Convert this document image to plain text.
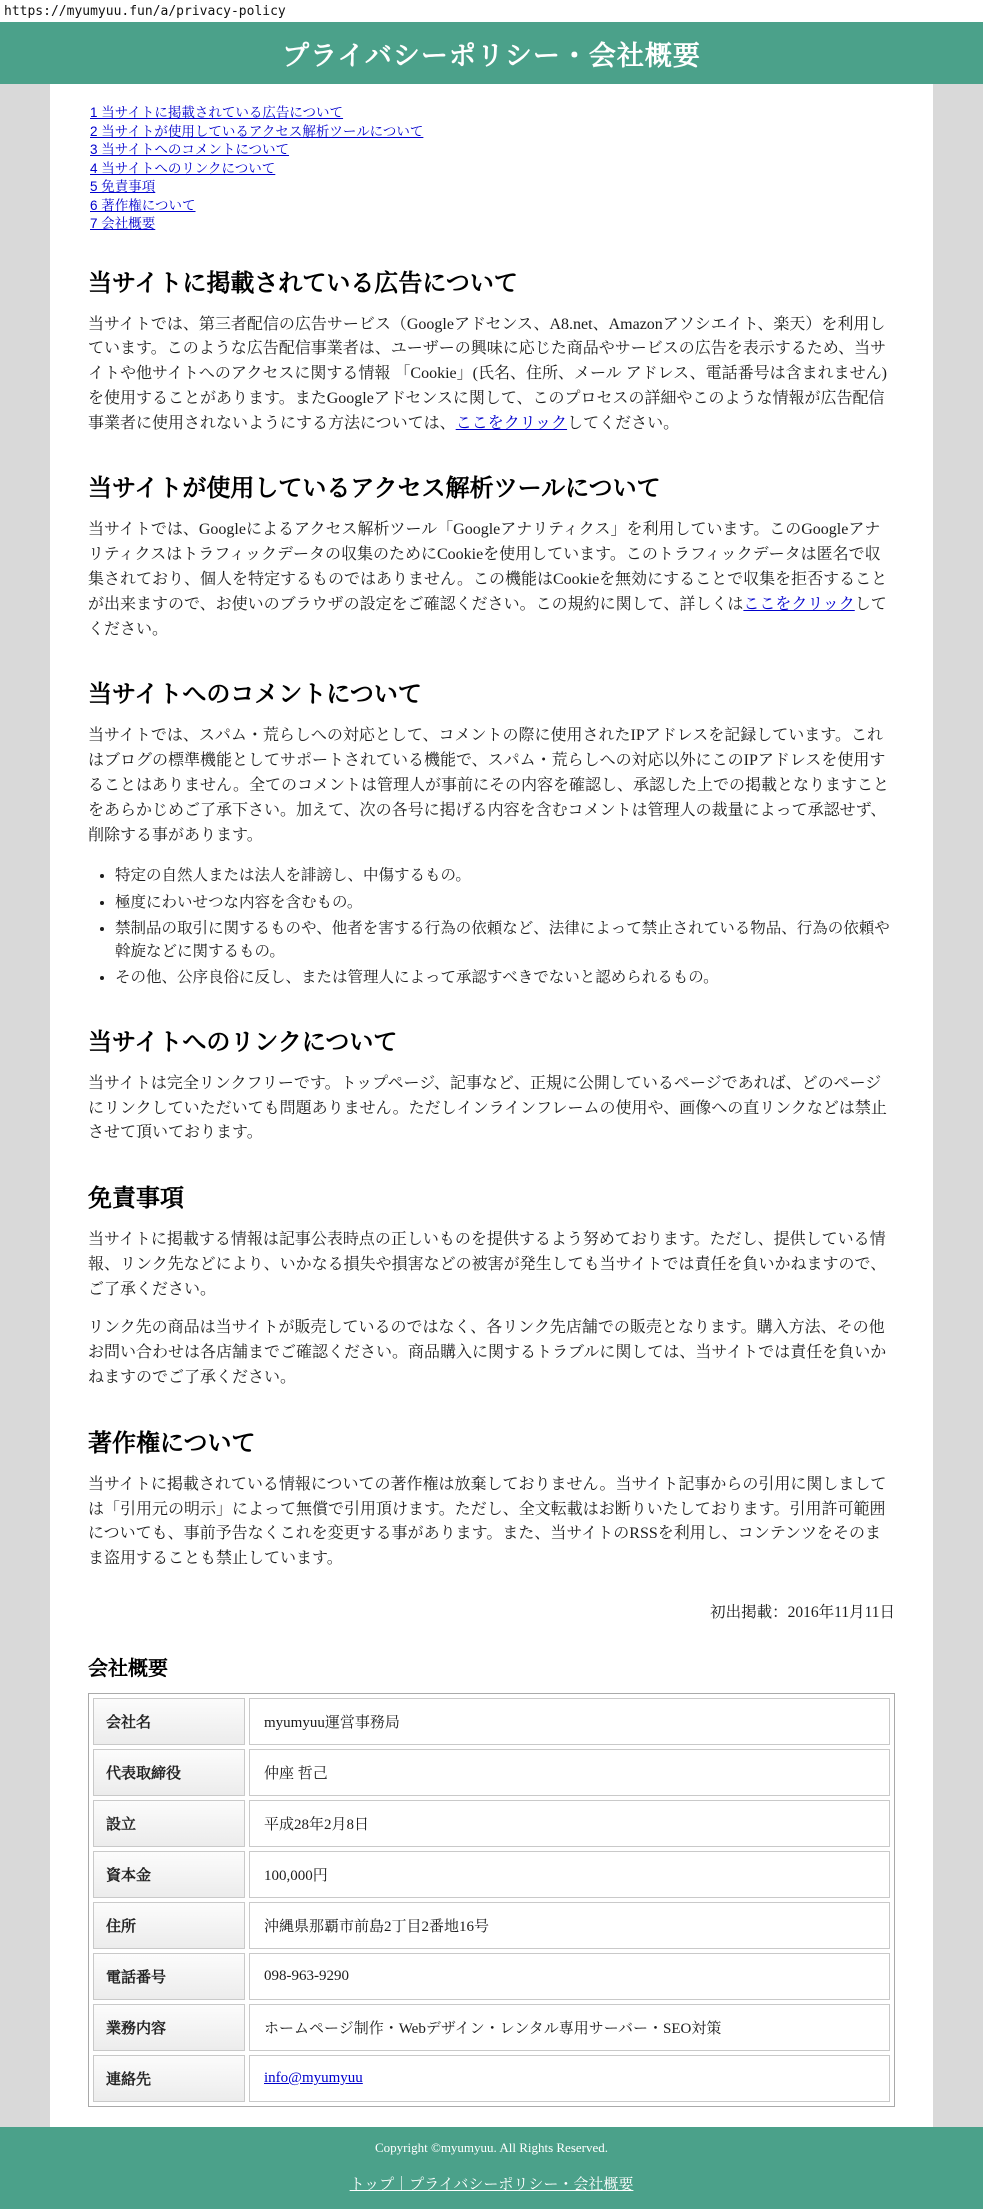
https://myumyuu.fun/a/privacy-policy
プライバシーポリシー・会社概要
1 当サイトに掲載されている広告について
2 当サイトが使用しているアクセス解析ツールについて
3 当サイトへのコメントについて
4 当サイトへのリンクについて
5 免責事項
6 著作権について
7 会社概要
当サイトに掲載されている広告について

当サイトでは、第三者配信の広告サービス（Googleアドセンス、A8.net、Amazonアソシエイト、楽天）を利用しています。このような広告配信事業者は、ユーザーの興味に応じた商品やサービスの広告を表示するため、当サイトや他サイトへのアクセスに関する情報 「Cookie」(氏名、住所、メール アドレス、電話番号は含まれません) を使用することがあります。またGoogleアドセンスに関して、このプロセスの詳細やこのような情報が広告配信事業者に使用されないようにする方法については、ここをクリックしてください。

当サイトが使用しているアクセス解析ツールについて

当サイトでは、Googleによるアクセス解析ツール「Googleアナリティクス」を利用しています。このGoogleアナリティクスはトラフィックデータの収集のためにCookieを使用しています。このトラフィックデータは匿名で収集されており、個人を特定するものではありません。この機能はCookieを無効にすることで収集を拒否することが出来ますので、お使いのブラウザの設定をご確認ください。この規約に関して、詳しくはここをクリックしてください。

当サイトへのコメントについて

当サイトでは、スパム・荒らしへの対応として、コメントの際に使用されたIPアドレスを記録しています。これはブログの標準機能としてサポートされている機能で、スパム・荒らしへの対応以外にこのIPアドレスを使用することはありません。全てのコメントは管理人が事前にその内容を確認し、承認した上での掲載となりますことをあらかじめご了承下さい。加えて、次の各号に掲げる内容を含むコメントは管理人の裁量によって承認せず、削除する事があります。

• 特定の自然人または法人を誹謗し、中傷するもの。
• 極度にわいせつな内容を含むもの。
• 禁制品の取引に関するものや、他者を害する行為の依頼など、法律によって禁止されている物品、行為の依頼や斡旋などに関するもの。
• その他、公序良俗に反し、または管理人によって承認すべきでないと認められるもの。
当サイトへのリンクについて

当サイトは完全リンクフリーです。トップページ、記事など、正規に公開しているページであれば、どのページにリンクしていただいても問題ありません。ただしインラインフレームの使用や、画像への直リンクなどは禁止させて頂いております。

免責事項

当サイトに掲載する情報は記事公表時点の正しいものを提供するよう努めております。ただし、提供している情報、リンク先などにより、いかなる損失や損害などの被害が発生しても当サイトでは責任を負いかねますので、ご了承ください。

リンク先の商品は当サイトが販売しているのではなく、各リンク先店舗での販売となります。購入方法、その他お問い合わせは各店舗までご確認ください。商品購入に関するトラブルに関しては、当サイトでは責任を負いかねますのでご了承ください。

著作権について

当サイトに掲載されている情報についての著作権は放棄しておりません。当サイト記事からの引用に関しましては「引用元の明示」によって無償で引用頂けます。ただし、全文転載はお断りいたしております。引用許可範囲についても、事前予告なくこれを変更する事があります。また、当サイトのRSSを利用し、コンテンツをそのまま盗用することも禁止しています。

初出掲載：2016年11月11日

会社概要
会社名	myumyuu運営事務局
代表取締役	仲座 哲己
設立	平成28年2月8日
資本金	100,000円
住所	沖縄県那覇市前島2丁目2番地16号
電話番号	098-963-9290
業務内容	ホームページ制作・Webデザイン・レンタル専用サーバー・SEO対策
連絡先	info@myumyuu

Copyright ©myumyuu. All Rights Reserved.

トップ｜プライバシーポリシー・会社概要
